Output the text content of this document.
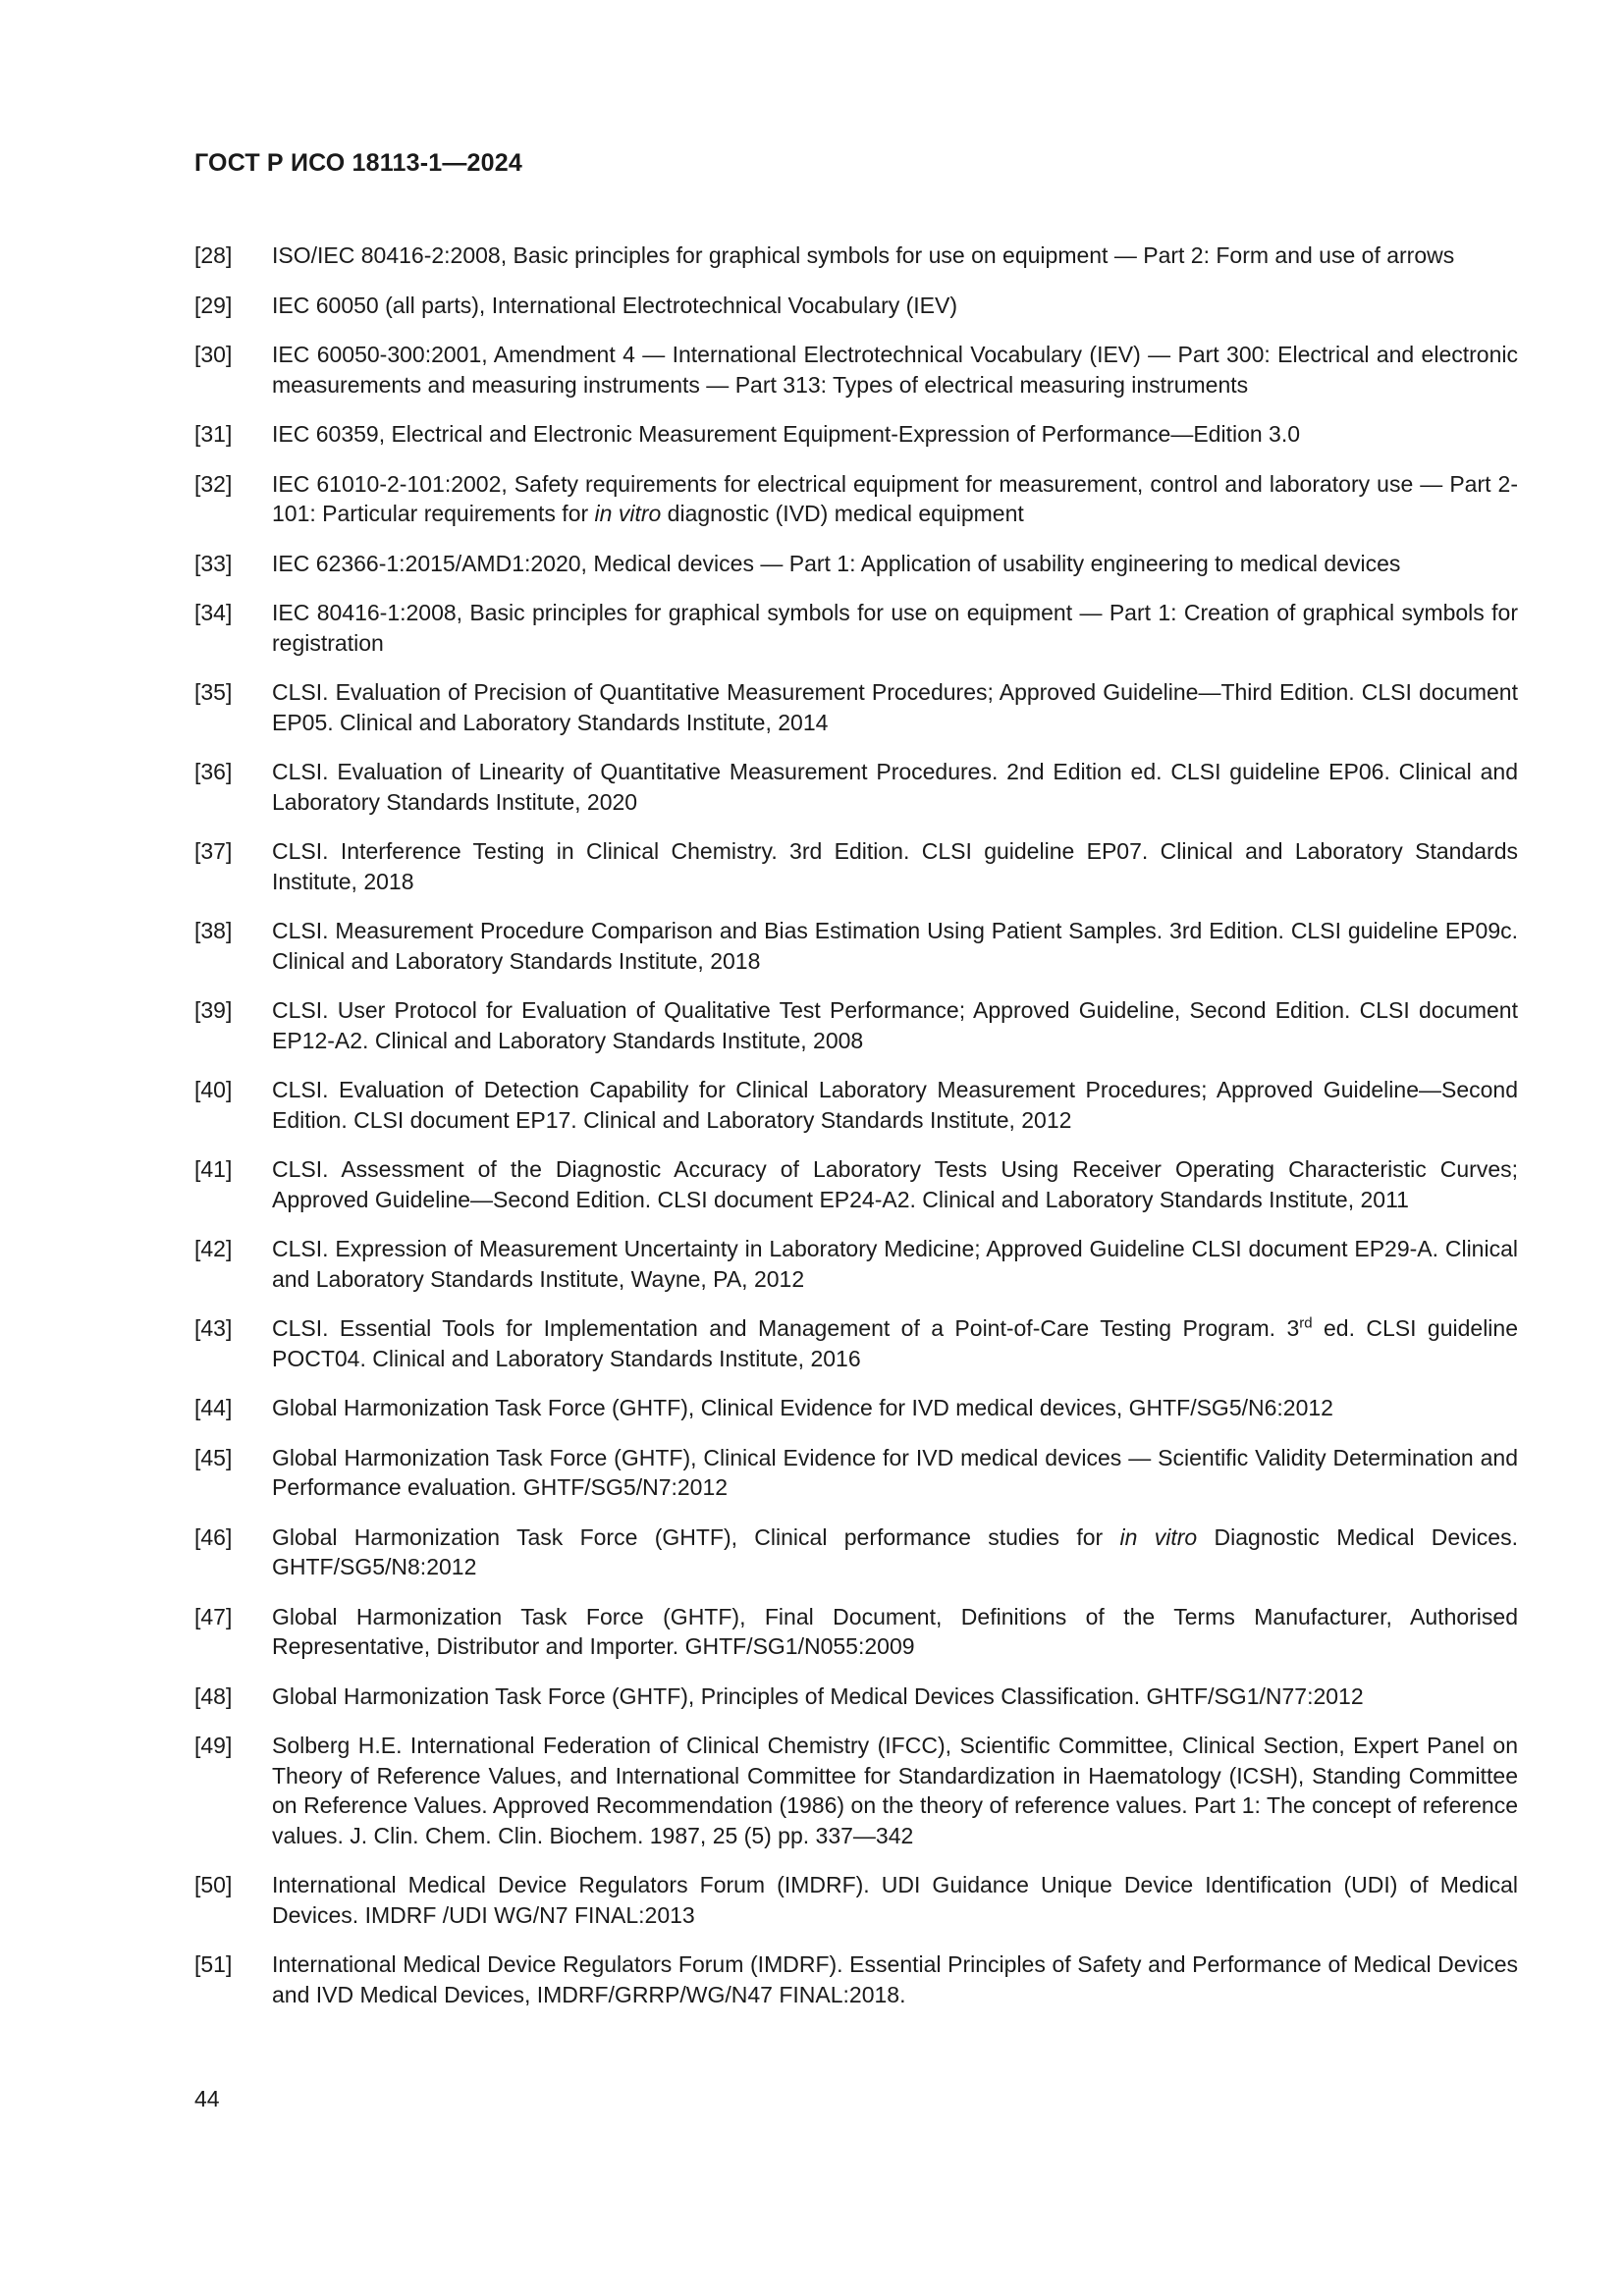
ГОСТ Р ИСО 18113-1—2024
[28]	ISO/IEC 80416-2:2008, Basic principles for graphical symbols for use on equipment — Part 2: Form and use of arrows
[29]	IEC 60050 (all parts), International Electrotechnical Vocabulary (IEV)
[30]	IEC 60050-300:2001, Amendment 4 — International Electrotechnical Vocabulary (IEV) — Part 300: Electrical and electronic measurements and measuring instruments — Part 313: Types of electrical measuring instruments
[31]	IEC 60359, Electrical and Electronic Measurement Equipment-Expression of Performance—Edition 3.0
[32]	IEC 61010-2-101:2002, Safety requirements for electrical equipment for measurement, control and laboratory use — Part 2-101: Particular requirements for in vitro diagnostic (IVD) medical equipment
[33]	IEC 62366-1:2015/AMD1:2020, Medical devices — Part 1: Application of usability engineering to medical devices
[34]	IEC 80416-1:2008, Basic principles for graphical symbols for use on equipment — Part 1: Creation of graphical symbols for registration
[35]	CLSI. Evaluation of Precision of Quantitative Measurement Procedures; Approved Guideline—Third Edition. CLSI document EP05. Clinical and Laboratory Standards Institute, 2014
[36]	CLSI. Evaluation of Linearity of Quantitative Measurement Procedures. 2nd Edition ed. CLSI guideline EP06. Clinical and Laboratory Standards Institute, 2020
[37]	CLSI. Interference Testing in Clinical Chemistry. 3rd Edition. CLSI guideline EP07. Clinical and Laboratory Standards Institute, 2018
[38]	CLSI. Measurement Procedure Comparison and Bias Estimation Using Patient Samples. 3rd Edition. CLSI guideline EP09c. Clinical and Laboratory Standards Institute, 2018
[39]	CLSI. User Protocol for Evaluation of Qualitative Test Performance; Approved Guideline, Second Edition. CLSI document EP12-A2. Clinical and Laboratory Standards Institute, 2008
[40]	CLSI. Evaluation of Detection Capability for Clinical Laboratory Measurement Procedures; Approved Guideline—Second Edition. CLSI document EP17. Clinical and Laboratory Standards Institute, 2012
[41]	CLSI. Assessment of the Diagnostic Accuracy of Laboratory Tests Using Receiver Operating Characteristic Curves; Approved Guideline—Second Edition. CLSI document EP24-A2. Clinical and Laboratory Standards Institute, 2011
[42]	CLSI. Expression of Measurement Uncertainty in Laboratory Medicine; Approved Guideline CLSI document EP29-A. Clinical and Laboratory Standards Institute, Wayne, PA, 2012
[43]	CLSI. Essential Tools for Implementation and Management of a Point-of-Care Testing Program. 3rd ed. CLSI guideline POCT04. Clinical and Laboratory Standards Institute, 2016
[44]	Global Harmonization Task Force (GHTF), Clinical Evidence for IVD medical devices, GHTF/SG5/N6:2012
[45]	Global Harmonization Task Force (GHTF), Clinical Evidence for IVD medical devices — Scientific Validity Determination and Performance evaluation. GHTF/SG5/N7:2012
[46]	Global Harmonization Task Force (GHTF), Clinical performance studies for in vitro Diagnostic Medical Devices. GHTF/SG5/N8:2012
[47]	Global Harmonization Task Force (GHTF), Final Document, Definitions of the Terms Manufacturer, Authorised Representative, Distributor and Importer. GHTF/SG1/N055:2009
[48]	Global Harmonization Task Force (GHTF), Principles of Medical Devices Classification. GHTF/SG1/N77:2012
[49]	Solberg H.E. International Federation of Clinical Chemistry (IFCC), Scientific Committee, Clinical Section, Expert Panel on Theory of Reference Values, and International Committee for Standardization in Haematology (ICSH), Standing Committee on Reference Values. Approved Recommendation (1986) on the theory of reference values. Part 1: The concept of reference values. J. Clin. Chem. Clin. Biochem. 1987, 25 (5) pp. 337—342
[50]	International Medical Device Regulators Forum (IMDRF). UDI Guidance Unique Device Identification (UDI) of Medical Devices. IMDRF /UDI WG/N7 FINAL:2013
[51]	International Medical Device Regulators Forum (IMDRF). Essential Principles of Safety and Performance of Medical Devices and IVD Medical Devices, IMDRF/GRRP/WG/N47 FINAL:2018.

44
